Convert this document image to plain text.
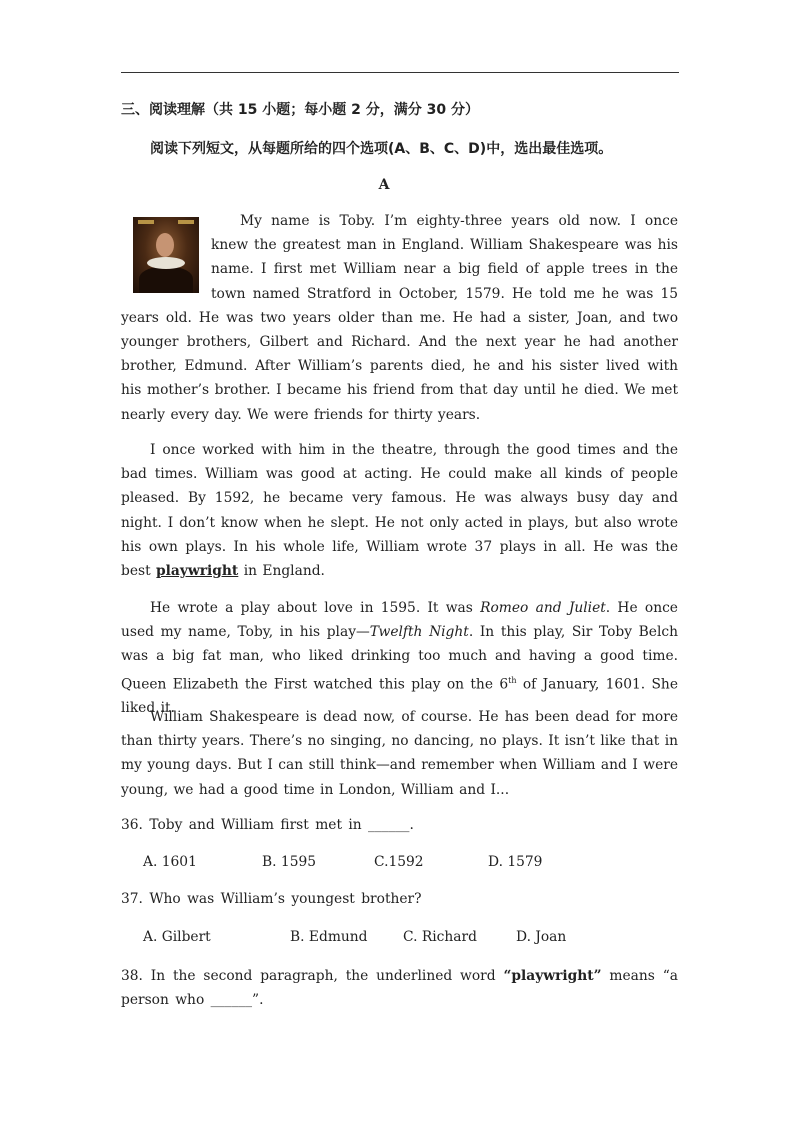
三、阅读理解（共 15 小题；每小题 2 分，满分 30 分）
阅读下列短文，从每题所给的四个选项(A、B、C、D)中，选出最佳选项。
A
My name is Toby. I’m eighty-three years old now. I once knew the greatest man in England. William Shakespeare was his name. I first met William near a big field of apple trees in the town named Stratford in October, 1579. He told me he was 15 years old. He was two years older than me. He had a sister, Joan, and two younger brothers, Gilbert and Richard. And the next year he had another brother, Edmund. After William’s parents died, he and his sister lived with his mother’s brother. I became his friend from that day until he died. We met nearly every day. We were friends for thirty years.
I once worked with him in the theatre, through the good times and the bad times. William was good at acting. He could make all kinds of people pleased. By 1592, he became very famous. He was always busy day and night. I don’t know when he slept. He not only acted in plays, but also wrote his own plays. In his whole life, William wrote 37 plays in all. He was the best playwright in England.
He wrote a play about love in 1595. It was Romeo and Juliet. He once used my name, Toby, in his play—Twelfth Night. In this play, Sir Toby Belch was a big fat man, who liked drinking too much and having a good time. Queen Elizabeth the First watched this play on the 6th of January, 1601. She liked it.
William Shakespeare is dead now, of course. He has been dead for more than thirty years. There’s no singing, no dancing, no plays. It isn’t like that in my young days. But I can still think—and remember when William and I were young, we had a good time in London, William and I...
36. Toby and William first met in ______.
A. 1601	B. 1595	C.1592	D. 1579
37. Who was William’s youngest brother?
A. Gilbert	B. Edmund	C. Richard	D. Joan
38. In the second paragraph, the underlined word “playwright” means “a person who ______”.
